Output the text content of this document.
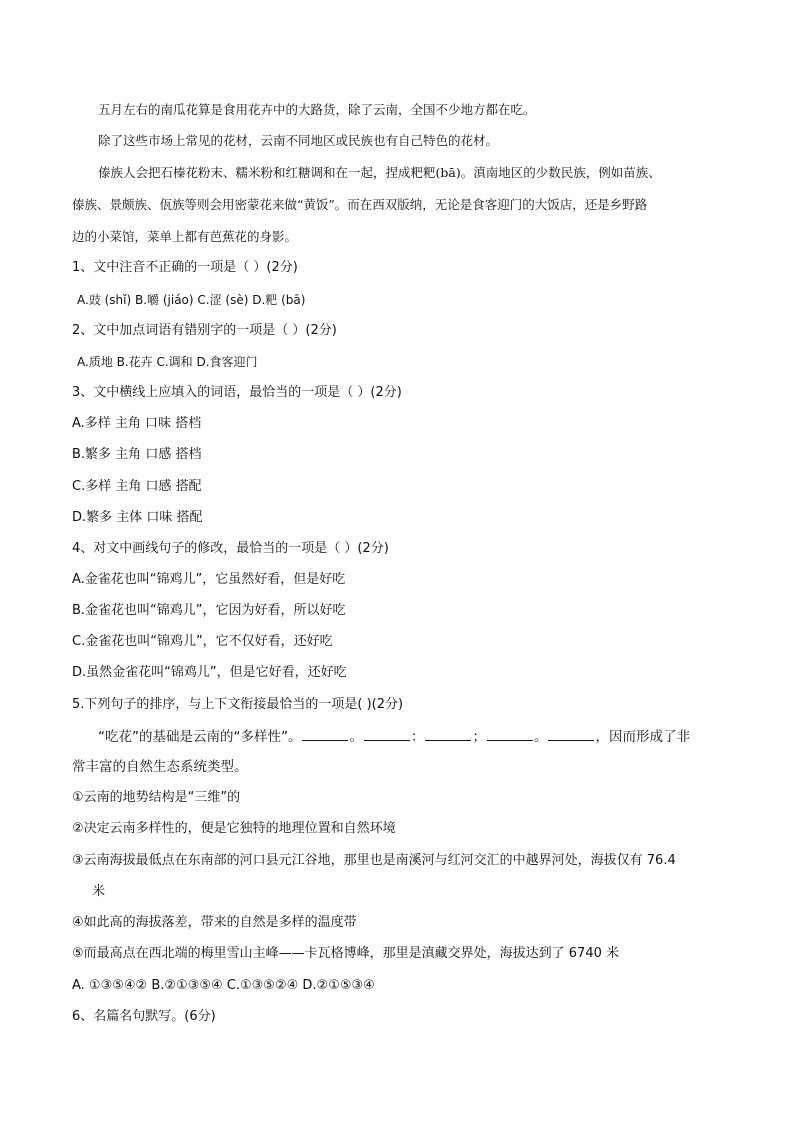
五月左右的南瓜花算是食用花卉中的大路货，除了云南，全国不少地方都在吃。
除了这些市场上常见的花材，云南不同地区或民族也有自己特色的花材。
傣族人会把石榛花粉末、糯米粉和红糖调和在一起，捏成粑粑(bā)。滇南地区的少数民族，例如苗族、
傣族、景颇族、佤族等则会用密蒙花来做“黄饭”。而在西双版纳，无论是食客迎门的大饭店，还是乡野路
边的小菜馆，菜单上都有芭蕉花的身影。
1、文中注音不正确的一项是（ ）(2分)
A.豉 (shǐ) B.嚼 (jiáo) C.涩 (sè) D.粑 (bā)
2、文中加点词语有错别字的一项是（ ）(2分)
A.质地 B.花卉 C.调和 D.食客迎门
3、文中横线上应填入的词语，最恰当的一项是（ ）(2分)
A.多样 主角 口味 搭档
B.繁多 主角 口感 搭档
C.多样 主角 口感 搭配
D.繁多 主体 口味 搭配
4、对文中画线句子的修改，最恰当的一项是（ ）(2分)
A.金雀花也叫“锦鸡儿”，它虽然好看，但是好吃
B.金雀花也叫“锦鸡儿”，它因为好看，所以好吃
C.金雀花也叫“锦鸡儿”，它不仅好看，还好吃
D.虽然金雀花叫“锦鸡儿”，但是它好看，还好吃
5.下列句子的排序，与上下文衔接最恰当的一项是( )(2分)
“吃花”的基础是云南的“多样性”。	。	：	；	。	，因而形成了非
常丰富的自然生态系统类型。
①云南的地势结构是“三维”的
②决定云南多样性的，便是它独特的地理位置和自然环境
③云南海拔最低点在东南部的河口县元江谷地，那里也是南溪河与红河交汇的中越界河处，海拔仅有 76.4
米
④如此高的海拔落差，带来的自然是多样的温度带
⑤而最高点在西北端的梅里雪山主峰——卡瓦格博峰，那里是滇藏交界处，海拔达到了 6740 米
A. ①③⑤④② B.②①③⑤④ C.①③⑤②④ D.②①⑤③④
6、名篇名句默写。(6分)
